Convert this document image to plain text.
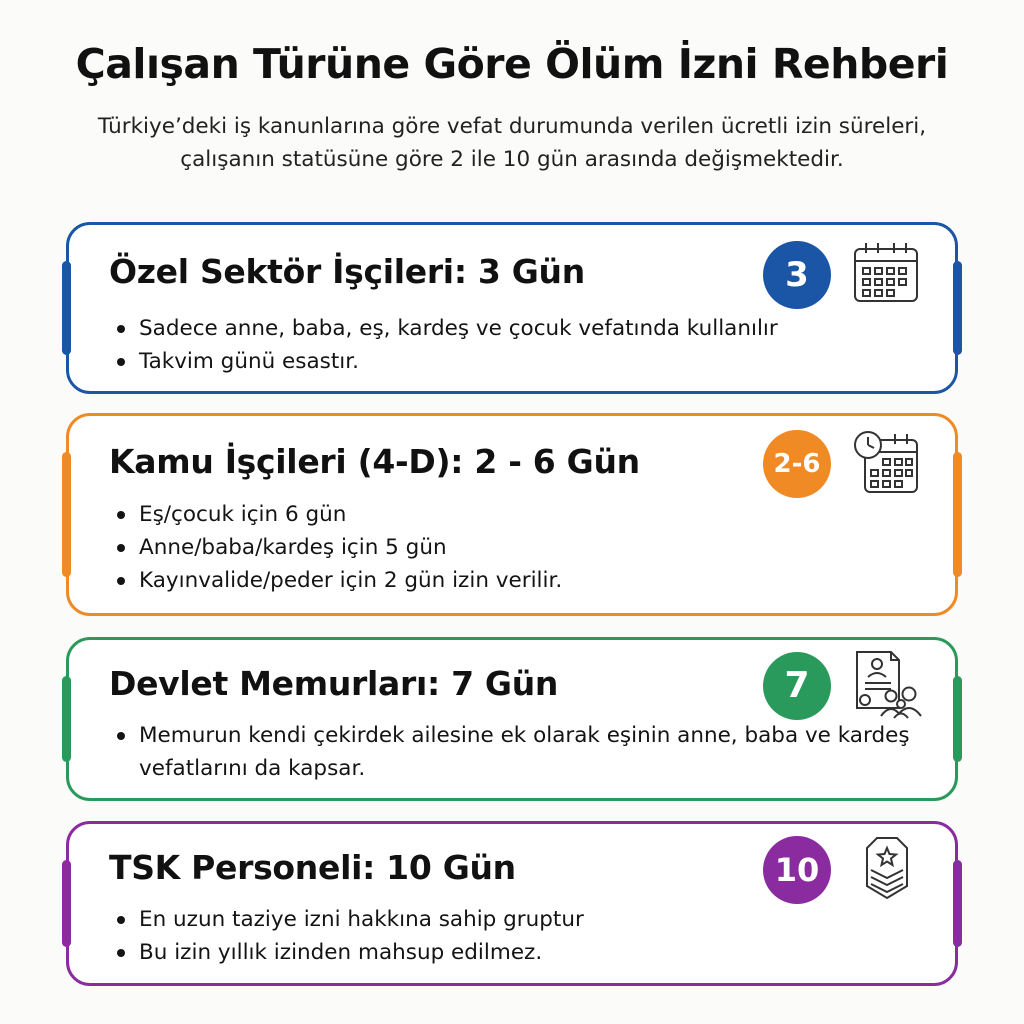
Çalışan Türüne Göre Ölüm İzni Rehberi
Türkiye’deki iş kanunlarına göre vefat durumunda verilen ücretli izin süreleri, çalışanın statüsüne göre 2 ile 10 gün arasında değişmektedir.
Özel Sektör İşçileri: 3 Gün
Sadece anne, baba, eş, kardeş ve çocuk vefatında kullanılır
Takvim günü esastır.
3
Kamu İşçileri (4-D): 2 - 6 Gün
Eş/çocuk için 6 gün
Anne/baba/kardeş için 5 gün
Kayınvalide/peder için 2 gün izin verilir.
2-6
Devlet Memurları: 7 Gün
Memurun kendi çekirdek ailesine ek olarak eşinin anne, baba ve kardeş vefatlarını da kapsar.
7
TSK Personeli: 10 Gün
En uzun taziye izni hakkına sahip gruptur
Bu izin yıllık izinden mahsup edilmez.
10
